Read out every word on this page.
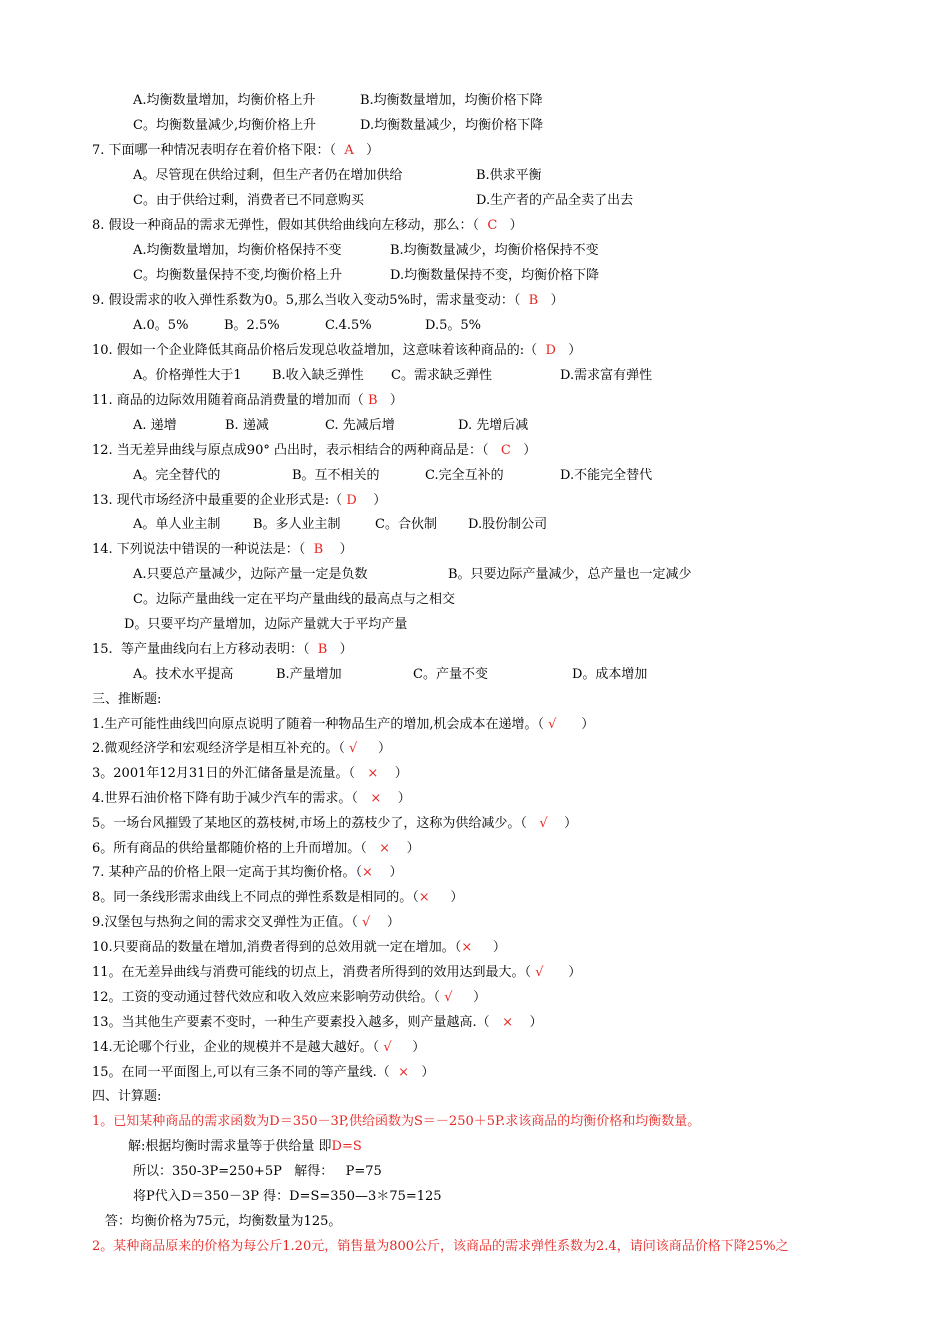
A.均衡数量增加，均衡价格上升	B.均衡数量增加，均衡价格下降
C。均衡数量减少,均衡价格上升	D.均衡数量减少，均衡价格下降
7. 下面哪一种情况表明存在着价格下限：（  A   ）
A。尽管现在供给过剩，但生产者仍在增加供给	B.供求平衡
C。由于供给过剩，消费者已不同意购买	D.生产者的产品全卖了出去
8. 假设一种商品的需求无弹性，假如其供给曲线向左移动，那么：（  C   ）
A.均衡数量增加，均衡价格保持不变	B.均衡数量减少，均衡价格保持不变
C。均衡数量保持不变,均衡价格上升	D.均衡数量保持不变，均衡价格下降
9. 假设需求的收入弹性系数为0。5,那么当收入变动5%时，需求量变动：（  B   ）
A.0。5%	B。2.5%	C.4.5%	D.5。5%
10. 假如一个企业降低其商品价格后发现总收益增加，这意味着该种商品的:（  D   ）
A。价格弹性大于1 B.收入缺乏弹性 C。需求缺乏弹性	D.需求富有弹性
11. 商品的边际效用随着商品消费量的增加而（ B   ）
A. 递增	B. 递减	C. 先减后增	D. 先增后减
12. 当无差异曲线与原点成90° 凸出时，表示相结合的两种商品是：（   C   ）
A。完全替代的	B。互不相关的	C.完全互补的	D.不能完全替代
13. 现代市场经济中最重要的企业形式是:（ D    ）
A。单人业主制	B。多人业主制	C。合伙制 D.股份制公司
14. 下列说法中错误的一种说法是：（  B    ）
A.只要总产量减少，边际产量一定是负数	B。只要边际产量减少，总产量也一定减少
C。边际产量曲线一定在平均产量曲线的最高点与之相交
D。只要平均产量增加，边际产量就大于平均产量
15.  等产量曲线向右上方移动表明：（  B   ）
A。技术水平提高	B.产量增加	C。产量不变	D。成本增加
三、推断题:
1.生产可能性曲线凹向原点说明了随着一种物品生产的增加,机会成本在递增。（ √      ）
2.微观经济学和宏观经济学是相互补充的。（ √     ）
3。2001年12月31日的外汇储备量是流量。（   ×    ）
4.世界石油价格下降有助于减少汽车的需求。（   ×    ）
5。一场台风摧毁了某地区的荔枝树,市场上的荔枝少了，这称为供给减少。（   √    ）
6。所有商品的供给量都随价格的上升而增加。（   ×    ）
7. 某种产品的价格上限一定高于其均衡价格。（×    ）
8。同一条线形需求曲线上不同点的弹性系数是相同的。（×     ）
9.汉堡包与热狗之间的需求交叉弹性为正值。（ √    ）
10.只要商品的数量在增加,消费者得到的总效用就一定在增加。（×     ）
11。在无差异曲线与消费可能线的切点上，消费者所得到的效用达到最大。（ √      ）
12。工资的变动通过替代效应和收入效应来影响劳动供给。（ √     ）
13。当其他生产要素不变时，一种生产要素投入越多，则产量越高.（   ×    ）
14.无论哪个行业，企业的规模并不是越大越好。（ √     ）
15。在同一平面图上,可以有三条不同的等产量线.（  ×   ）
四、计算题:
1。已知某种商品的需求函数为D＝350－3P,供给函数为S＝－250＋5P.求该商品的均衡价格和均衡数量。
解:根据均衡时需求量等于供给量 即D=S
所以：350-3P=250+5P   解得：   P=75
将P代入D＝350－3P 得：D=S=350—3＊75=125
答：均衡价格为75元，均衡数量为125。
2。某种商品原来的价格为每公斤1.20元，销售量为800公斤，该商品的需求弹性系数为2.4，请问该商品价格下降25%之
